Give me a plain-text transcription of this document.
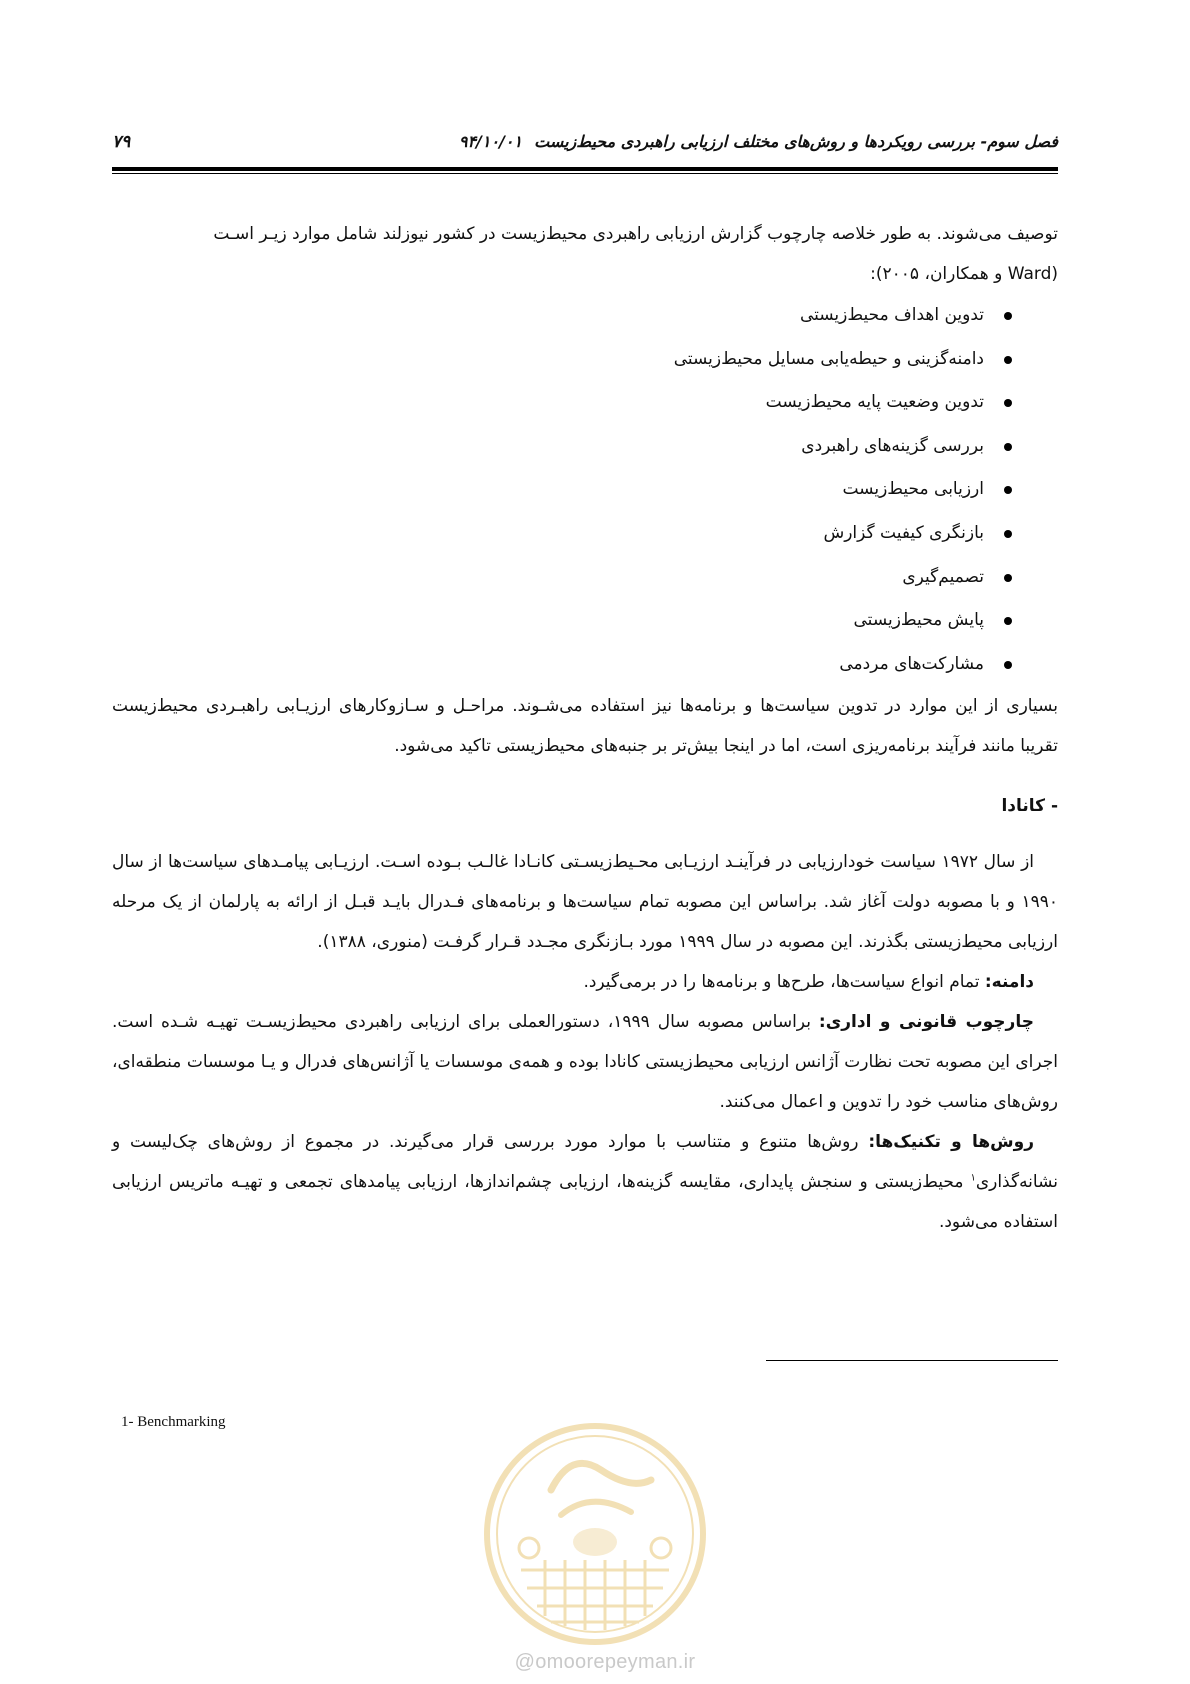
فصل سوم- بررسی رویکردها و روش‌های مختلف ارزیابی راهبردی محیط‌زیست۹۴/۱۰/۰۱
۷۹

توصیف می‌شوند. به طور خلاصه چارچوب گزارش ارزیابی راهبردی محیط‌زیست در کشور نیوزلند شامل موارد زیـر اسـت
(Ward و همکاران، ۲۰۰۵):

تدوین اهداف محیط‌زیستی
دامنه‌گزینی و حیطه‌یابی مسایل محیط‌زیستی
تدوین وضعیت پایه محیط‌زیست
بررسی گزینه‌های راهبردی
ارزیابی محیط‌زیست
بازنگری کیفیت گزارش
تصمیم‌گیری
پایش محیط‌زیستی
مشارکت‌های مردمی

بسیاری از این موارد در تدوین سیاست‌ها و برنامه‌ها نیز استفاده می‌شـوند. مراحـل و سـازوکارهای ارزیـابی راهبـردی محیط‌زیست تقریبا مانند فرآیند برنامه‌ریزی است، اما در اینجا بیش‌تر بر جنبه‌های محیط‌زیستی تاکید می‌شود.

- کانادا

از سال ۱۹۷۲ سیاست خودارزیابی در فرآینـد ارزیـابی محـیط‌زیسـتی کانـادا غالـب بـوده اسـت. ارزیـابی پیامـدهای سیاست‌ها از سال ۱۹۹۰ و با مصوبه دولت آغاز شد. براساس این مصوبه تمام سیاست‌ها و برنامه‌های فـدرال بایـد قبـل از ارائه به پارلمان از یک مرحله ارزیابی محیط‌زیستی بگذرند. این مصوبه در سال ۱۹۹۹ مورد بـازنگری مجـدد قـرار گرفـت (منوری، ۱۳۸۸).

دامنه: تمام انواع سیاست‌ها، طرح‌ها و برنامه‌ها را در برمی‌گیرد.

چارچوب قانونی و اداری: براساس مصوبه سال ۱۹۹۹، دستورالعملی برای ارزیابی راهبردی محیط‌زیسـت تهیـه شـده است. اجرای این مصوبه تحت نظارت آژانس ارزیابی محیط‌زیستی کانادا بوده و همه‌ی موسسات یا آژانس‌های فدرال و یـا موسسات منطقه‌ای، روش‌های مناسب خود را تدوین و اعمال می‌کنند.

روش‌ها و تکنیک‌ها: روش‌ها متنوع و متناسب با موارد مورد بررسی قرار می‌گیرند. در مجموع از روش‌های چک‌لیست و نشانه‌گذاری$^۱$ محیط‌زیستی و سنجش پایداری، مقایسه گزینه‌ها، ارزیابی چشم‌اندازها، ارزیابی پیامدهای تجمعی و تهیـه ماتریس ارزیابی استفاده می‌شود.

1- Benchmarking
@omoorepeyman.ir
